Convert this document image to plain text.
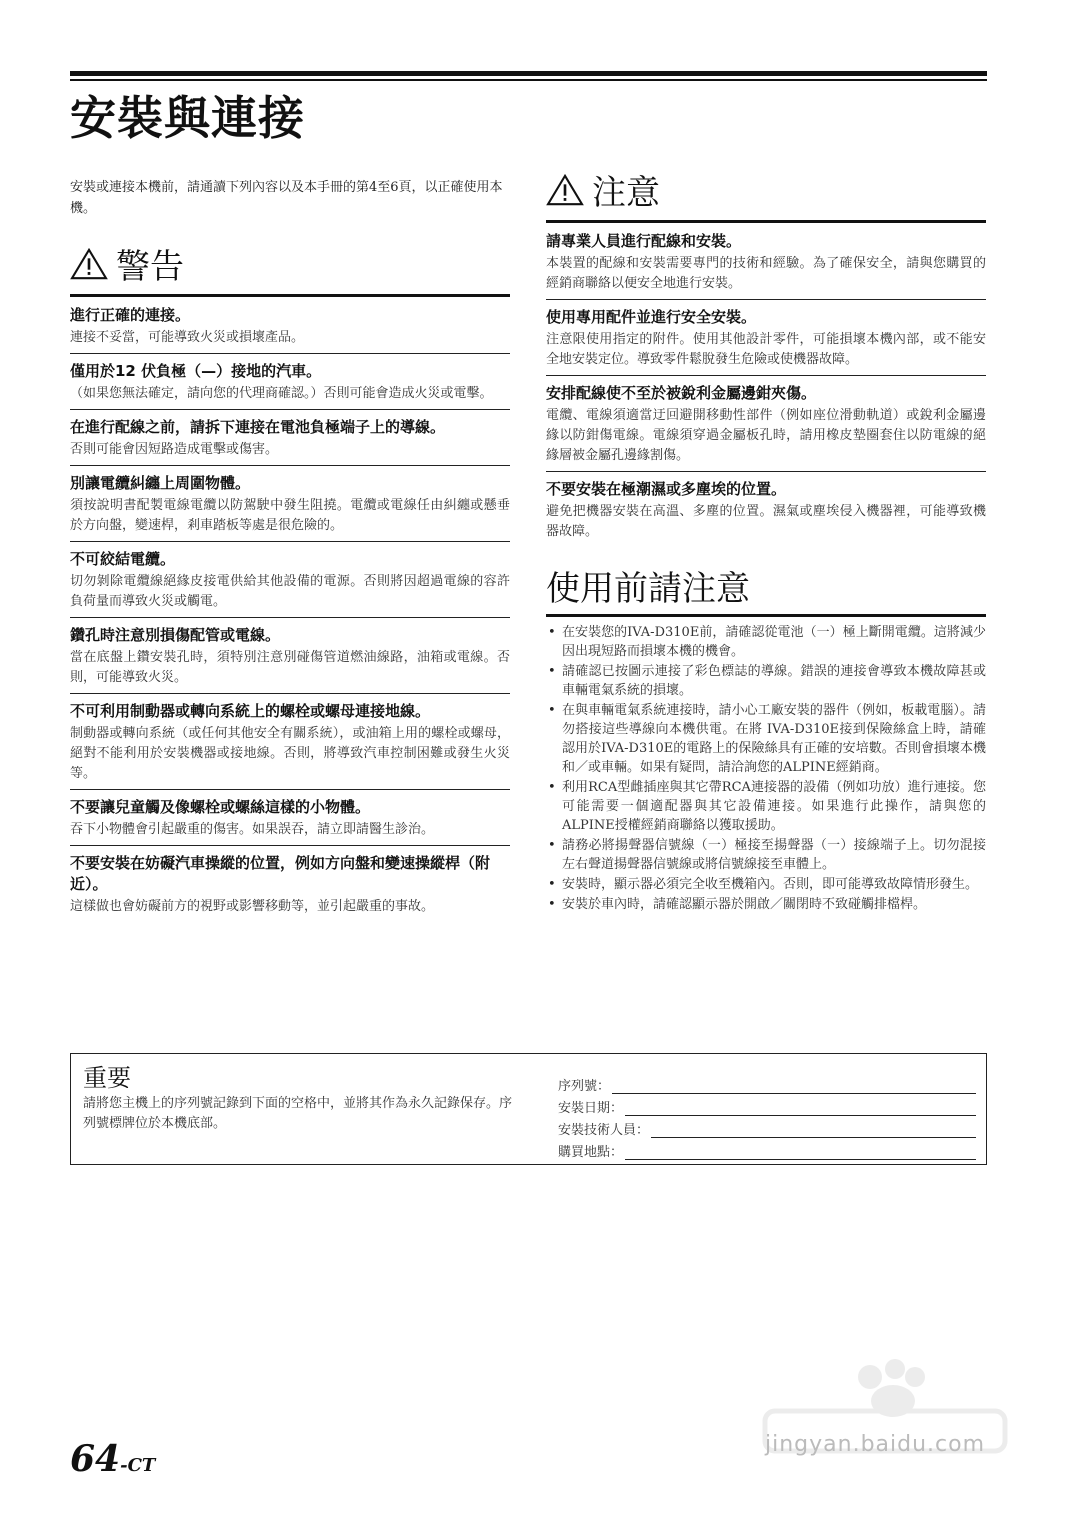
安裝與連接

安裝或連接本機前，請通讀下列內容以及本手冊的第4至6頁，以正確使用本機。

警告
進行正確的連接。

連接不妥當，可能導致火災或損壞產品。

僅用於12 伏負極（—）接地的汽車。

（如果您無法確定，請向您的代理商確認。）否則可能會造成火災或電擊。

在進行配線之前，請拆下連接在電池負極端子上的導線。

否則可能會因短路造成電擊或傷害。

別讓電纜糾纏上周圍物體。

須按說明書配製電線電纜以防駕駛中發生阻撓。電纜或電線任由糾纏或懸垂於方向盤，變速桿，剎車踏板等處是很危險的。

不可絞結電纜。

切勿剝除電纜線絕緣皮接電供給其他設備的電源。否則將因超過電線的容許負荷量而導致火災或觸電。

鑽孔時注意別損傷配管或電線。

當在底盤上鑽安裝孔時，須特別注意別碰傷管道燃油線路，油箱或電線。否則，可能導致火災。

不可利用制動器或轉向系統上的螺栓或螺母連接地線。

制動器或轉向系統（或任何其他安全有關系統），或油箱上用的螺栓或螺母，絕對不能利用於安裝機器或接地線。否則，將導致汽車控制困難或發生火災等。

不要讓兒童觸及像螺栓或螺絲這樣的小物體。

吞下小物體會引起嚴重的傷害。如果誤吞，請立即請醫生診治。

不要安裝在妨礙汽車操縱的位置，例如方向盤和變速操縱桿（附近）。

這樣做也會妨礙前方的視野或影響移動等，並引起嚴重的事故。

注意
請專業人員進行配線和安裝。

本裝置的配線和安裝需要專門的技術和經驗。為了確保安全，請與您購買的經銷商聯絡以便安全地進行安裝。

使用專用配件並進行安全安裝。

注意限使用指定的附件。使用其他設計零件，可能損壞本機內部，或不能安全地安裝定位。導致零件鬆脫發生危險或使機器故障。

安排配線使不至於被銳利金屬邊鉗夾傷。

電纜、電線須適當迂回避開移動性部件（例如座位滑動軌道）或銳利金屬邊緣以防鉗傷電線。電線須穿過金屬板孔時，請用橡皮墊圈套住以防電線的絕緣層被金屬孔邊緣割傷。

不要安裝在極潮濕或多塵埃的位置。

避免把機器安裝在高溫、多塵的位置。濕氣或塵埃侵入機器裡，可能導致機器故障。

使用前請注意
• 在安裝您的IVA-D310E前，請確認從電池（一）極上斷開電纜。這將減少因出現短路而損壞本機的機會。
• 請確認已按圖示連接了彩色標誌的導線。錯誤的連接會導致本機故障甚或車輛電氣系統的損壞。
• 在與車輛電氣系統連接時，請小心工廠安裝的器件（例如，板載電腦）。請勿搭接這些導線向本機供電。在將 IVA-D310E接到保險絲盒上時，請確認用於IVA-D310E的電路上的保險絲具有正確的安培數。否則會損壞本機和／或車輛。如果有疑問，請洽詢您的ALPINE經銷商。
• 利用RCA型雌插座與其它帶RCA連接器的設備（例如功放）進行連接。您可能需要一個適配器與其它設備連接。如果進行此操作，請與您的ALPINE授權經銷商聯絡以獲取援助。
• 請務必將揚聲器信號線（一）極接至揚聲器（一）接線端子上。切勿混接左右聲道揚聲器信號線或將信號線接至車體上。
• 安裝時，顯示器必須完全收至機箱內。否則，即可能導致故障情形發生。
• 安裝於車內時，請確認顯示器於開啟／關閉時不致碰觸排檔桿。
重要
請將您主機上的序列號記錄到下面的空格中，並將其作為永久記錄保存。序列號標牌位於本機底部。
序列號：
安裝日期：
安裝技術人員：
購買地點：
jingyan.baidu.com
64-CT
